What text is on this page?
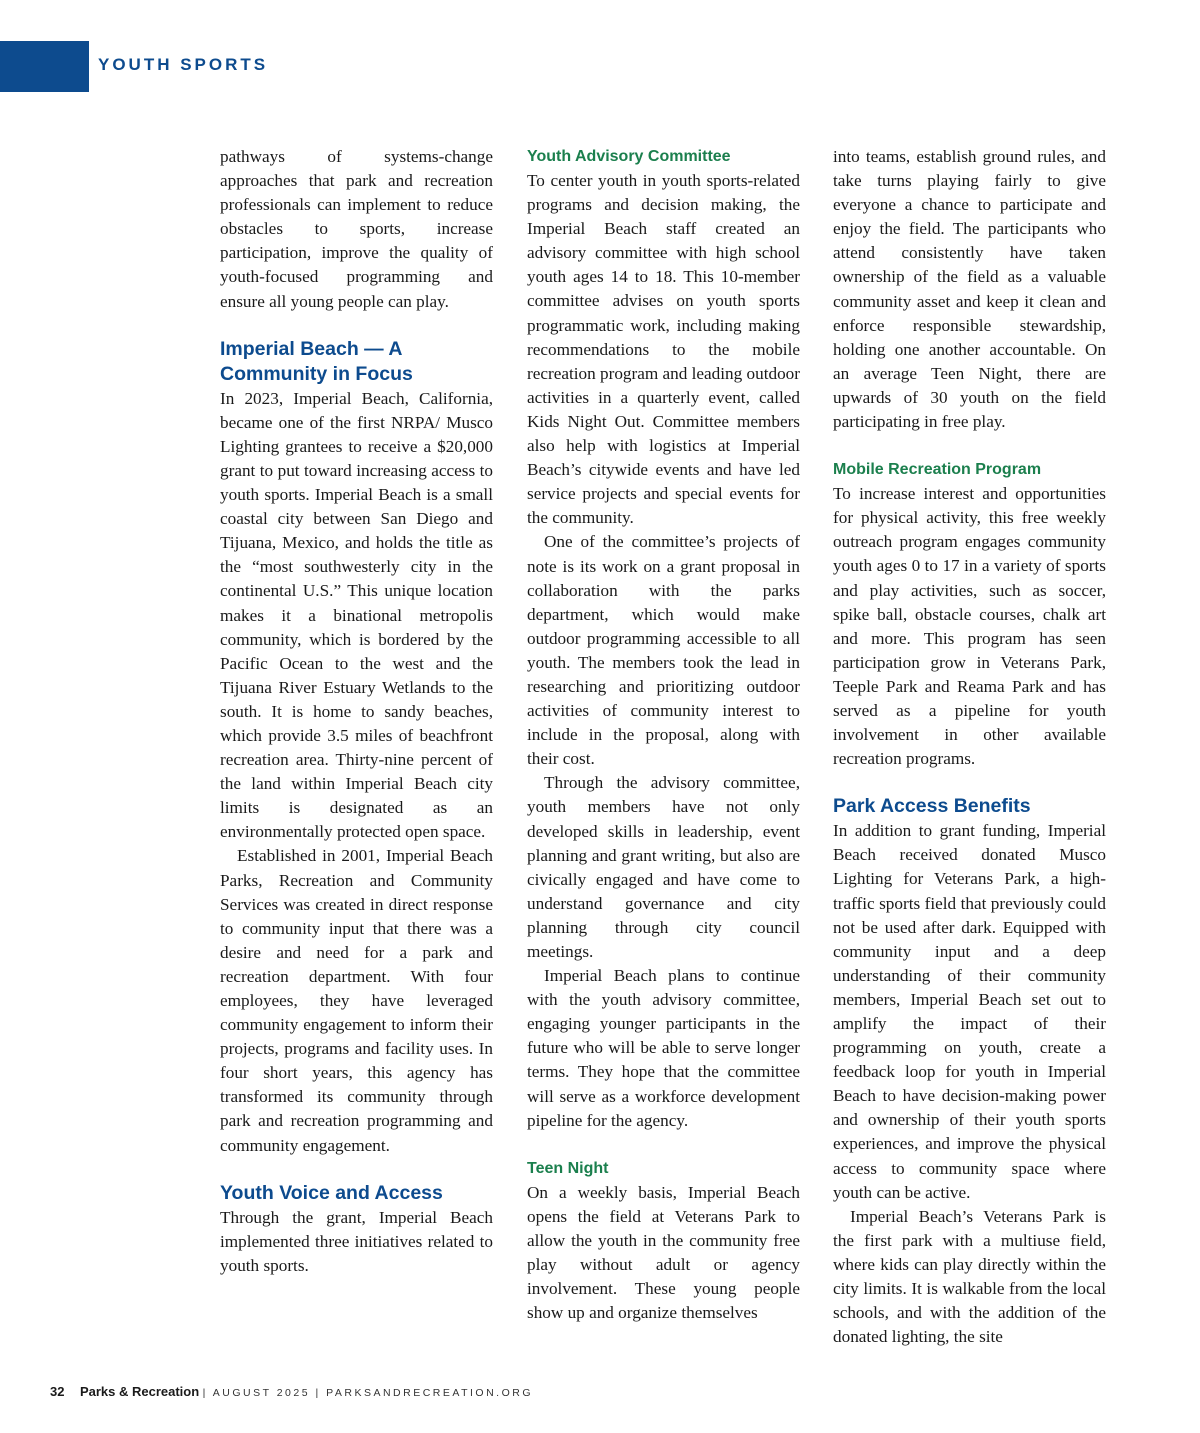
YOUTH SPORTS

pathways of systems-change approaches that park and recreation professionals can implement to reduce obstacles to sports, increase participation, improve the quality of youth-focused programming and ensure all young people can play.

Imperial Beach — A Community in Focus

In 2023, Imperial Beach, California, became one of the first NRPA/ Musco Lighting grantees to receive a $20,000 grant to put toward increasing access to youth sports. Imperial Beach is a small coastal city between San Diego and Tijuana, Mexico, and holds the title as the “most southwesterly city in the continental U.S.” This unique location makes it a binational metropolis community, which is bordered by the Pacific Ocean to the west and the Tijuana River Estuary Wetlands to the south. It is home to sandy beaches, which provide 3.5 miles of beachfront recreation area. Thirty-nine percent of the land within Imperial Beach city limits is designated as an environmentally protected open space.

Established in 2001, Imperial Beach Parks, Recreation and Community Services was created in direct response to community input that there was a desire and need for a park and recreation department. With four employees, they have leveraged community engagement to inform their projects, programs and facility uses. In four short years, this agency has transformed its community through park and recreation programming and community engagement.

Youth Voice and Access

Through the grant, Imperial Beach implemented three initiatives related to youth sports.

Youth Advisory Committee

To center youth in youth sports-related programs and decision making, the Imperial Beach staff created an advisory committee with high school youth ages 14 to 18. This 10-member committee advises on youth sports programmatic work, including making recommendations to the mobile recreation program and leading outdoor activities in a quarterly event, called Kids Night Out. Committee members also help with logistics at Imperial Beach’s citywide events and have led service projects and special events for the community.

One of the committee’s projects of note is its work on a grant proposal in collaboration with the parks department, which would make outdoor programming accessible to all youth. The members took the lead in researching and prioritizing outdoor activities of community interest to include in the proposal, along with their cost.

Through the advisory committee, youth members have not only developed skills in leadership, event planning and grant writing, but also are civically engaged and have come to understand governance and city planning through city council meetings.

Imperial Beach plans to continue with the youth advisory committee, engaging younger participants in the future who will be able to serve longer terms. They hope that the committee will serve as a workforce development pipeline for the agency.

Teen Night

On a weekly basis, Imperial Beach opens the field at Veterans Park to allow the youth in the community free play without adult or agency involvement. These young people show up and organize themselves

into teams, establish ground rules, and take turns playing fairly to give everyone a chance to participate and enjoy the field. The participants who attend consistently have taken ownership of the field as a valuable community asset and keep it clean and enforce responsible stewardship, holding one another accountable. On an average Teen Night, there are upwards of 30 youth on the field participating in free play.

Mobile Recreation Program

To increase interest and opportunities for physical activity, this free weekly outreach program engages community youth ages 0 to 17 in a variety of sports and play activities, such as soccer, spike ball, obstacle courses, chalk art and more. This program has seen participation grow in Veterans Park, Teeple Park and Reama Park and has served as a pipeline for youth involvement in other available recreation programs.

Park Access Benefits

In addition to grant funding, Imperial Beach received donated Musco Lighting for Veterans Park, a high-traffic sports field that previously could not be used after dark. Equipped with community input and a deep understanding of their community members, Imperial Beach set out to amplify the impact of their programming on youth, create a feedback loop for youth in Imperial Beach to have decision-making power and ownership of their youth sports experiences, and improve the physical access to community space where youth can be active.

Imperial Beach’s Veterans Park is the first park with a multiuse field, where kids can play directly within the city limits. It is walkable from the local schools, and with the addition of the donated lighting, the site

32 Parks & Recreation | AUGUST 2025 | PARKSANDRECREATION.ORG
